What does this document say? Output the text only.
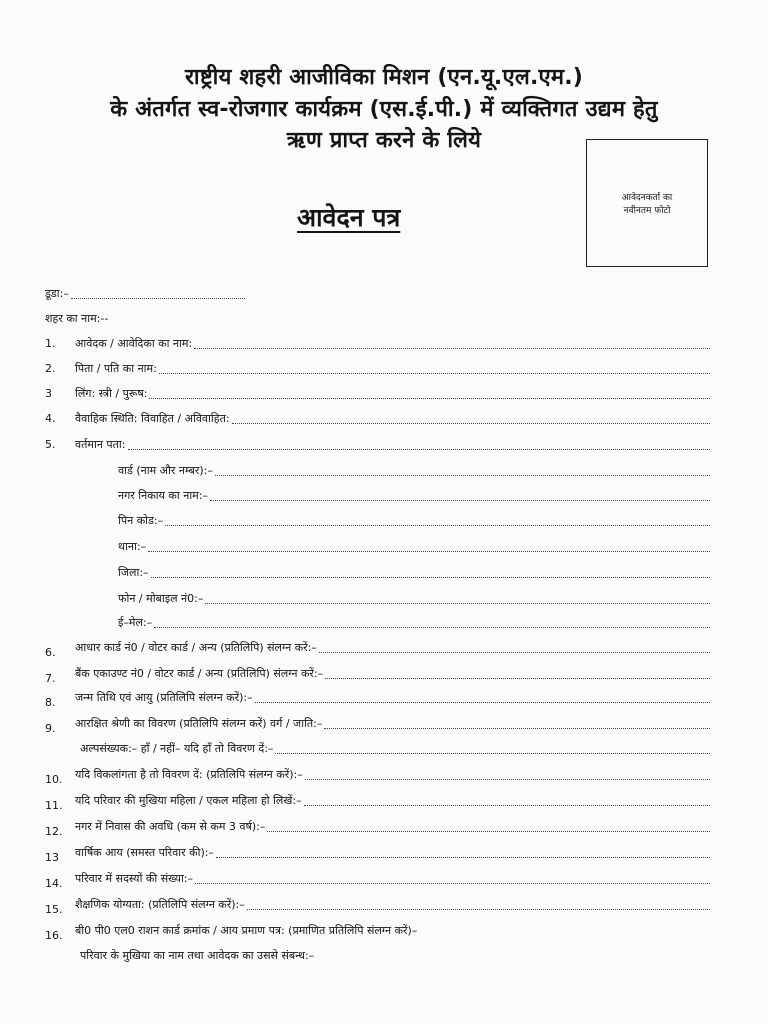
राष्ट्रीय शहरी आजीविका मिशन (एन.यू.एल.एम.)
के अंतर्गत स्व-रोजगार कार्यक्रम (एस.ई.पी.) में व्यक्तिगत उद्यम हेतु
ऋण प्राप्त करने के लिये
आवेदन पत्र
आवेदनकर्ता का
नवीनतम फोटो
डूडा:–
शहर का नाम:--
1. आवेदक / आवेदिका का नाम:
2. पिता / पति का नाम:
3 लिंग: स्त्री / पुरूष:
4. वैवाहिक स्थिति: विवाहित / अविवाहित:
5. वर्तमान पता:
वार्ड (नाम और नम्बर):–
नगर निकाय का नाम:–
पिन कोड:–
थाना:–
जिला:–
फोन / मोबाइल नं0:–
ई–मेल:–
6. आधार कार्ड नं0 / वोटर कार्ड / अन्य (प्रतिलिपि) संलग्न करें:–
7. बैंक एकाउण्ट नं0 / वोटर कार्ड / अन्य (प्रतिलिपि) संलग्न करें:–
8. जन्म तिथि एवं आयु (प्रतिलिपि संलग्न करें):–
9. आरक्षित श्रेणी का विवरण (प्रतिलिपि संलग्न करें) वर्ग / जाति:–
अल्पसंख्यक:– हाँ / नहीं– यदि हाँ तो विवरण दें:–
10. यदि विकलांगता है तो विवरण दें: (प्रतिलिपि संलग्न करें):–
11. यदि परिवार की मुखिया महिला / एकल महिला हो लिखें:–
12. नगर में निवास की अवधि (कम से कम 3 वर्ष):–
13 वार्षिक आय (समस्त परिवार की):–
14. परिवार में सदस्यों की संख्या:–
15. शैक्षणिक योग्यता: (प्रतिलिपि संलग्न करें):–
16. बी0 पी0 एल0 राशन कार्ड क्रमांक / आय प्रमाण पत्र: (प्रमाणित प्रतिलिपि संलग्न करें)–
परिवार के मुखिया का नाम तथा आवेदक का उससे संबन्ध:–
